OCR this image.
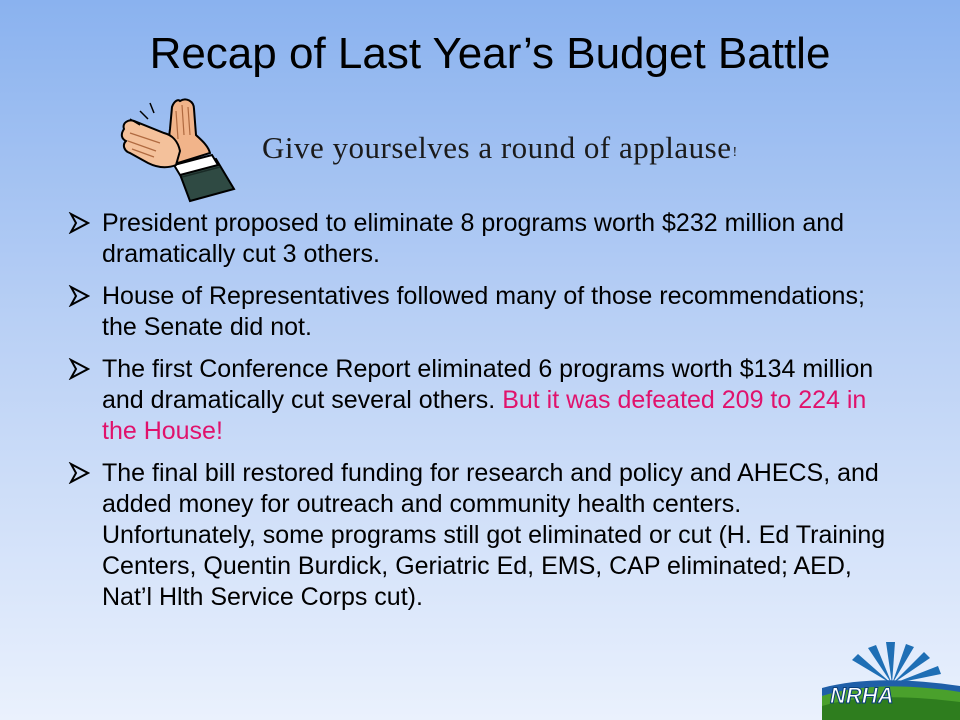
Recap of Last Year’s Budget Battle
Give yourselves a round of applause!
President proposed to eliminate 8 programs worth $232 million and dramatically cut 3 others.
House of Representatives followed many of those recommendations; the Senate did not.
The first Conference Report eliminated 6 programs worth $134 million and dramatically cut several others. But it was defeated 209 to 224 in the House!
The final bill restored funding for research and policy and AHECS, and added money for outreach and community health centers. Unfortunately, some programs still got eliminated or cut (H. Ed Training Centers, Quentin Burdick, Geriatric Ed, EMS, CAP eliminated; AED, Nat’l Hlth Service Corps cut).
NRHA
